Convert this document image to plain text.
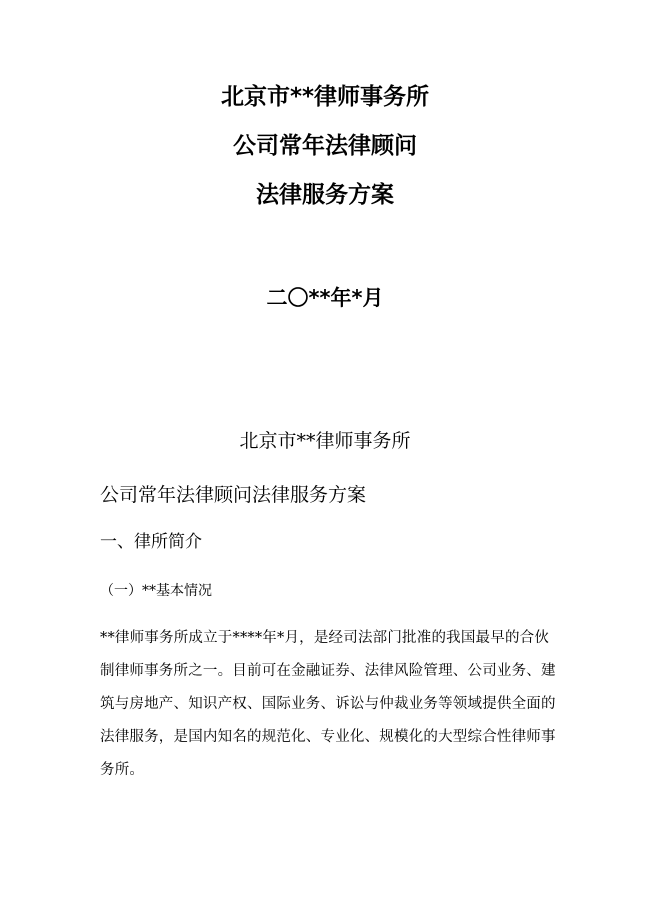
北京市**律师事务所
公司常年法律顾问
法律服务方案
二〇**年*月
北京市**律师事务所
公司常年法律顾问法律服务方案
一、律所简介
（一）**基本情况
**律师事务所成立于****年*月，是经司法部门批准的我国最早的合伙
制律师事务所之一。目前可在金融证券、法律风险管理、公司业务、建
筑与房地产、知识产权、国际业务、诉讼与仲裁业务等领域提供全面的
法律服务，是国内知名的规范化、专业化、规模化的大型综合性律师事
务所。
